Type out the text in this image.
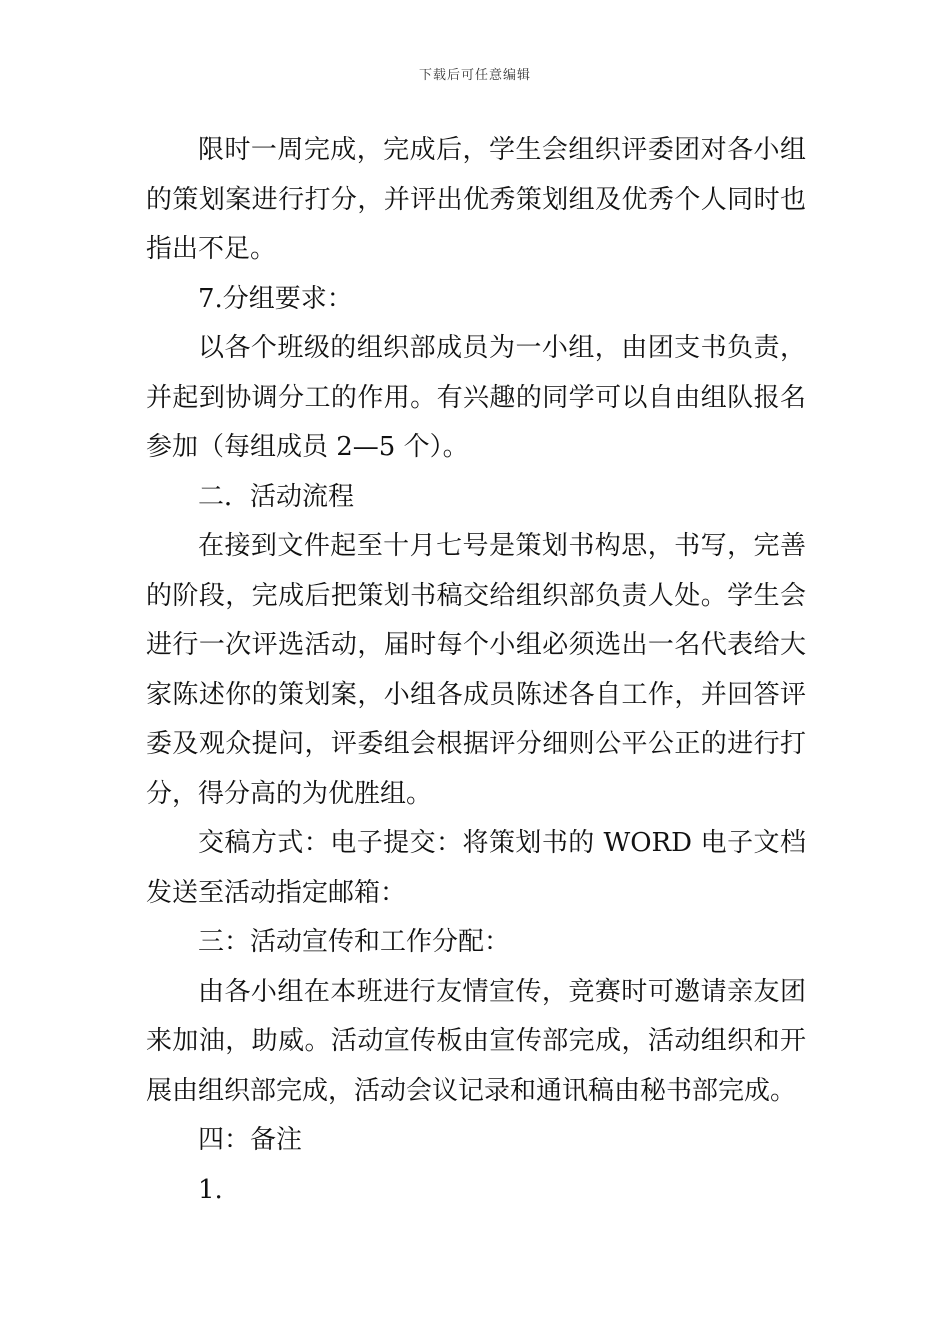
下载后可任意编辑

限时一周完成，完成后，学生会组织评委团对各小组的策划案进行打分，并评出优秀策划组及优秀个人同时也指出不足。

7.分组要求：

以各个班级的组织部成员为一小组，由团支书负责，并起到协调分工的作用。有兴趣的同学可以自由组队报名参加（每组成员 2—5 个）。

二．活动流程

在接到文件起至十月七号是策划书构思，书写，完善的阶段，完成后把策划书稿交给组织部负责人处。学生会进行一次评选活动，届时每个小组必须选出一名代表给大家陈述你的策划案，小组各成员陈述各自工作，并回答评委及观众提问，评委组会根据评分细则公平公正的进行打分，得分高的为优胜组。

交稿方式：电子提交：将策划书的 WORD 电子文档发送至活动指定邮箱：

三：活动宣传和工作分配：

由各小组在本班进行友情宣传，竞赛时可邀请亲友团来加油，助威。活动宣传板由宣传部完成，活动组织和开展由组织部完成，活动会议记录和通讯稿由秘书部完成。

四：备注

1.
